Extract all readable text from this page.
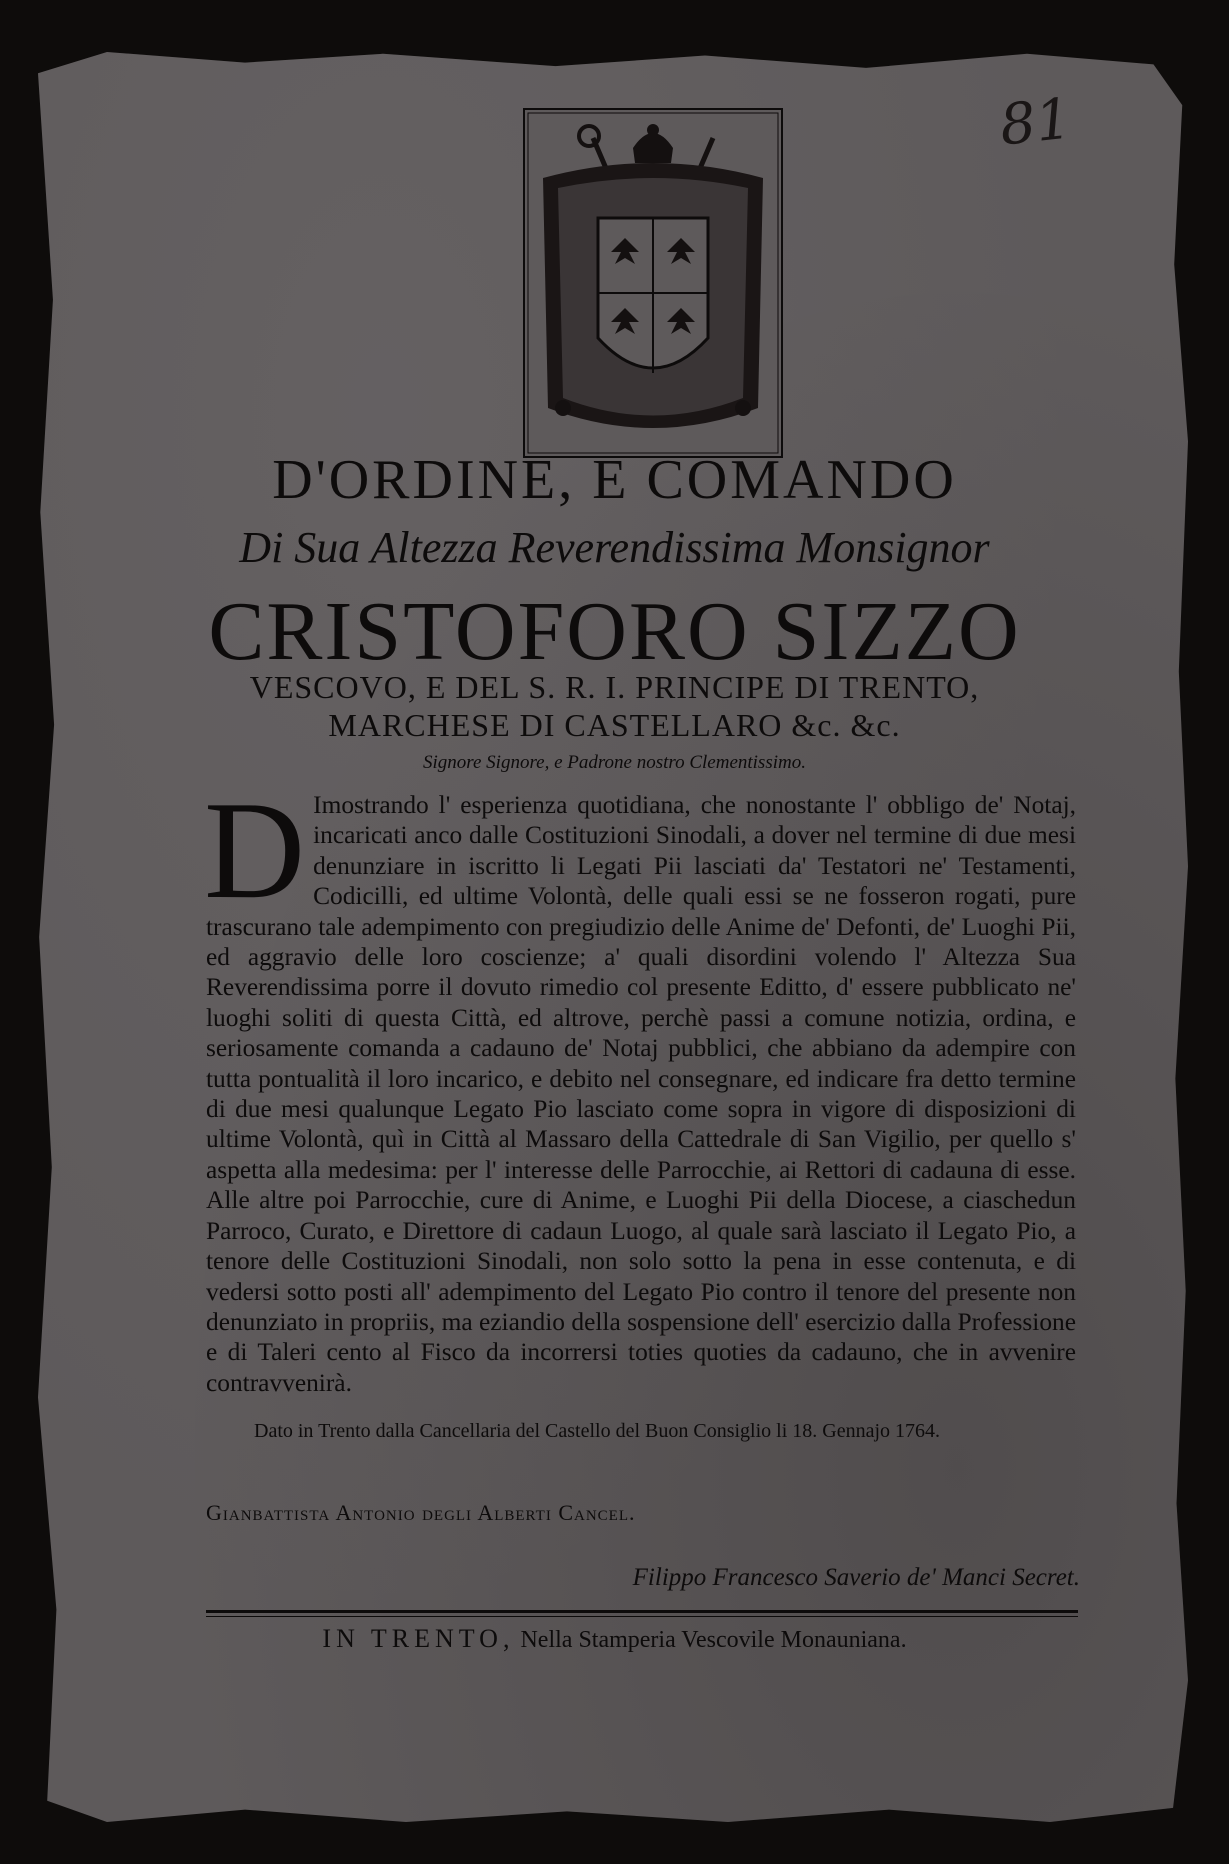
81
D'ORDINE, E COMANDO
Di Sua Altezza Reverendissima Monsignor
CRISTOFORO SIZZO
VESCOVO, E DEL S. R. I. PRINCIPE DI TRENTO,
MARCHESE DI CASTELLARO &c. &c.
Signore Signore, e Padrone nostro Clementissimo.
D Imostrando l' esperienza quotidiana, che nonostante l' obbligo de' Notaj, incaricati anco dalle Costituzioni Sinodali, a dover nel termine di due mesi denunziare in iscritto li Legati Pii lasciati da' Testatori ne' Testamenti, Codicilli, ed ultime Volontà, delle quali essi se ne fosseron rogati, pure trascurano tale adempimento con pregiudizio delle Anime de' Defonti, de' Luoghi Pii, ed aggravio delle loro coscienze; a' quali disordini volendo l' Altezza Sua Reverendissima porre il dovuto rimedio col presente Editto, d' essere pubblicato ne' luoghi soliti di questa Città, ed altrove, perchè passi a comune notizia, ordina, e seriosamente comanda a cadauno de' Notaj pubblici, che abbiano da adempire con tutta pontualità il loro incarico, e debito nel consegnare, ed indicare fra detto termine di due mesi qualunque Legato Pio lasciato come sopra in vigore di disposizioni di ultime Volontà, quì in Città al Massaro della Cattedrale di San Vigilio, per quello s' aspetta alla medesima: per l' interesse delle Parrocchie, ai Rettori di cadauna di esse. Alle altre poi Parrocchie, cure di Anime, e Luoghi Pii della Diocese, a ciaschedun Parroco, Curato, e Direttore di cadaun Luogo, al quale sarà lasciato il Legato Pio, a tenore delle Costituzioni Sinodali, non solo sotto la pena in esse contenuta, e di vedersi sotto posti all' adempimento del Legato Pio contro il tenore del presente non denunziato in propriis, ma eziandio della sospensione dell' esercizio dalla Professione e di Taleri cento al Fisco da incorrersi toties quoties da cadauno, che in avvenire contravvenirà.
Dato in Trento dalla Cancellaria del Castello del Buon Consiglio li 18. Gennajo 1764.
Gianbattista Antonio degli Alberti Cancel.
Filippo Francesco Saverio de' Manci Secret.
IN TRENTO, Nella Stamperia Vescovile Monauniana.
